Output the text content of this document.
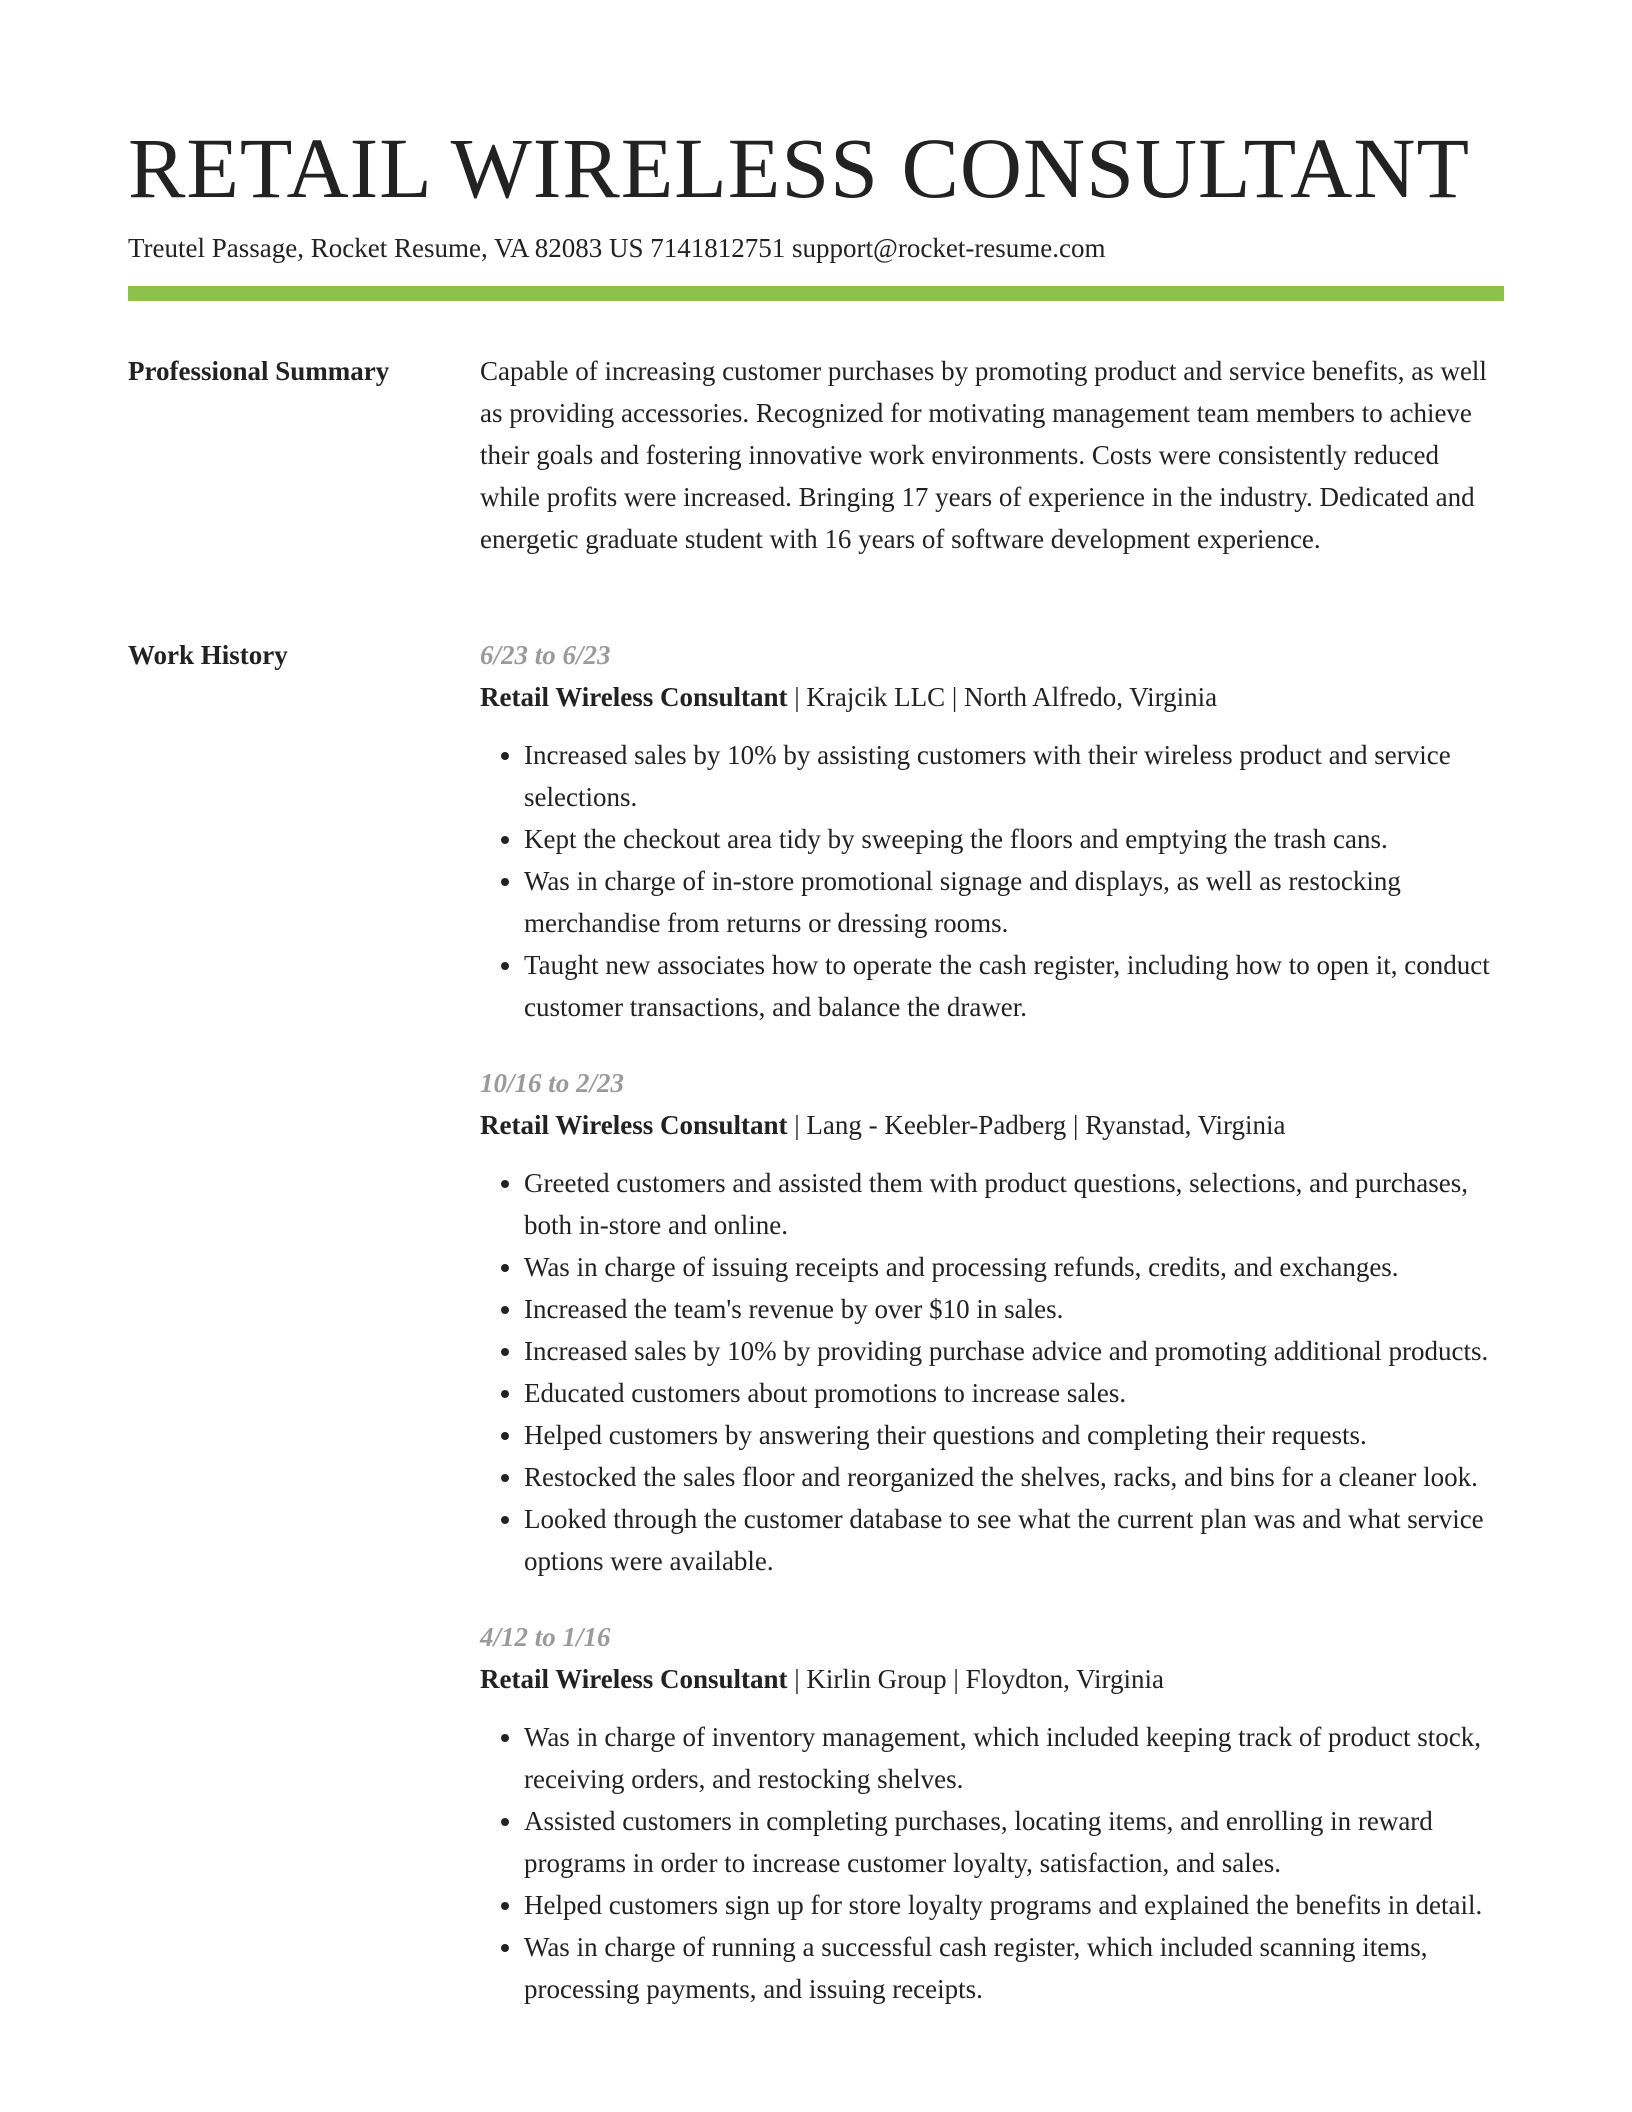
RETAIL WIRELESS CONSULTANT
Treutel Passage, Rocket Resume, VA 82083 US 7141812751 support@rocket-resume.com
Professional Summary	Capable of increasing customer purchases by promoting product and service benefits, as well as providing accessories. Recognized for motivating management team members to achieve their goals and fostering innovative work environments. Costs were consistently reduced while profits were increased. Bringing 17 years of experience in the industry. Dedicated and energetic graduate student with 16 years of software development experience.

Work History	6/23 to 6/23
Retail Wireless Consultant | Krajcik LLC | North Alfredo, Virginia
• Increased sales by 10% by assisting customers with their wireless product and service selections.
• Kept the checkout area tidy by sweeping the floors and emptying the trash cans.
• Was in charge of in-store promotional signage and displays, as well as restocking merchandise from returns or dressing rooms.
• Taught new associates how to operate the cash register, including how to open it, conduct customer transactions, and balance the drawer.
10/16 to 2/23
Retail Wireless Consultant | Lang - Keebler-Padberg | Ryanstad, Virginia
• Greeted customers and assisted them with product questions, selections, and purchases, both in-store and online.
• Was in charge of issuing receipts and processing refunds, credits, and exchanges.
• Increased the team's revenue by over $10 in sales.
• Increased sales by 10% by providing purchase advice and promoting additional products.
• Educated customers about promotions to increase sales.
• Helped customers by answering their questions and completing their requests.
• Restocked the sales floor and reorganized the shelves, racks, and bins for a cleaner look.
• Looked through the customer database to see what the current plan was and what service options were available.
4/12 to 1/16
Retail Wireless Consultant | Kirlin Group | Floydton, Virginia
• Was in charge of inventory management, which included keeping track of product stock, receiving orders, and restocking shelves.
• Assisted customers in completing purchases, locating items, and enrolling in reward programs in order to increase customer loyalty, satisfaction, and sales.
• Helped customers sign up for store loyalty programs and explained the benefits in detail.
• Was in charge of running a successful cash register, which included scanning items, processing payments, and issuing receipts.
